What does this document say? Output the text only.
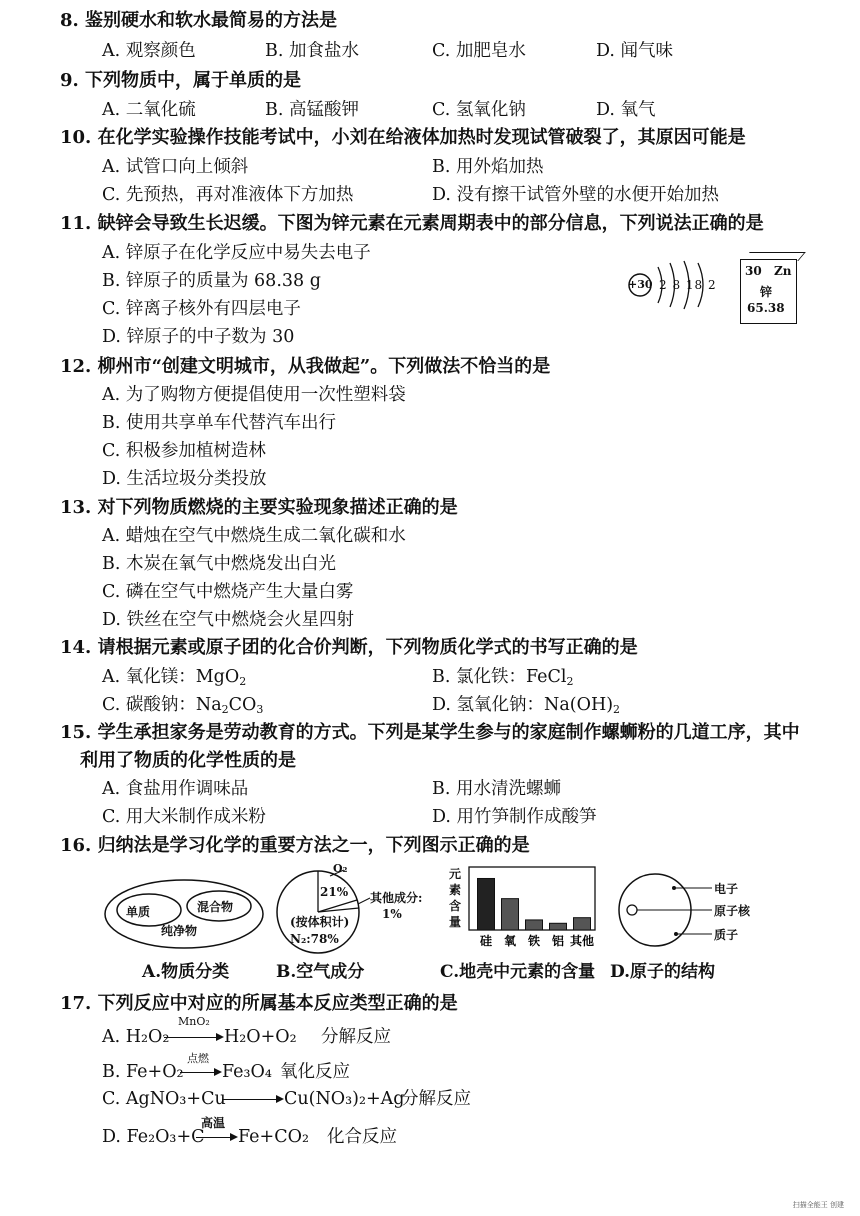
8. 鉴别硬水和软水最简易的方法是
A. 观察颜色	B. 加食盐水	C. 加肥皂水	D. 闻气味
9. 下列物质中，属于单质的是
A. 二氧化硫	B. 高锰酸钾	C. 氢氧化钠	D. 氧气
10. 在化学实验操作技能考试中，小刘在给液体加热时发现试管破裂了，其原因可能是
A. 试管口向上倾斜	B. 用外焰加热
C. 先预热，再对准液体下方加热	D. 没有擦干试管外壁的水便开始加热
11. 缺锌会导致生长迟缓。下图为锌元素在元素周期表中的部分信息，下列说法正确的是
A. 锌原子在化学反应中易失去电子
B. 锌原子的质量为 68.38 g
C. 锌离子核外有四层电子
D. 锌原子的中子数为 30
+30 2 8 18 2
30 Zn
锌
65.38
12. 柳州市“创建文明城市，从我做起”。下列做法不恰当的是
A. 为了购物方便提倡使用一次性塑料袋
B. 使用共享单车代替汽车出行
C. 积极参加植树造林
D. 生活垃圾分类投放
13. 对下列物质燃烧的主要实验现象描述正确的是
A. 蜡烛在空气中燃烧生成二氧化碳和水
B. 木炭在氧气中燃烧发出白光
C. 磷在空气中燃烧产生大量白雾
D. 铁丝在空气中燃烧会火星四射
14. 请根据元素或原子团的化合价判断，下列物质化学式的书写正确的是
A. 氧化镁：MgO$_2$	B. 氯化铁：FeCl$_2$
C. 碳酸钠：$Na_2CO_3$	D. 氢氧化钠：$Na(OH)_2$
15. 学生承担家务是劳动教育的方式。下列是某学生参与的家庭制作螺蛳粉的几道工序，其中
利用了物质的化学性质的是
A. 食盐用作调味品	B. 用水清洗螺蛳
C. 用大米制作成米粉	D. 用竹笋制作成酸笋
16. 归纳法是学习化学的重要方法之一，下列图示正确的是
单质	混合物
纯净物
A.物质分类
O₂
21% 其他成分:
1%
(按体积计)
N₂:78%
B.空气成分
元素含量
硅 氧 铁 铝 其他
C.地壳中元素的含量
电子
原子核
质子
D.原子的结构
17. 下列反应中对应的所属基本反应类型正确的是
A. H₂O₂
MnO₂
H₂O+O₂ 分解反应
B. Fe+O₂
点燃
Fe₃O₄ 氧化反应
C. AgNO₃+Cu	Cu(NO₃)₂+Ag
分解反应
D. Fe₂O₃+C
高温
Fe+CO₂ 化合反应
扫描全能王 创建
